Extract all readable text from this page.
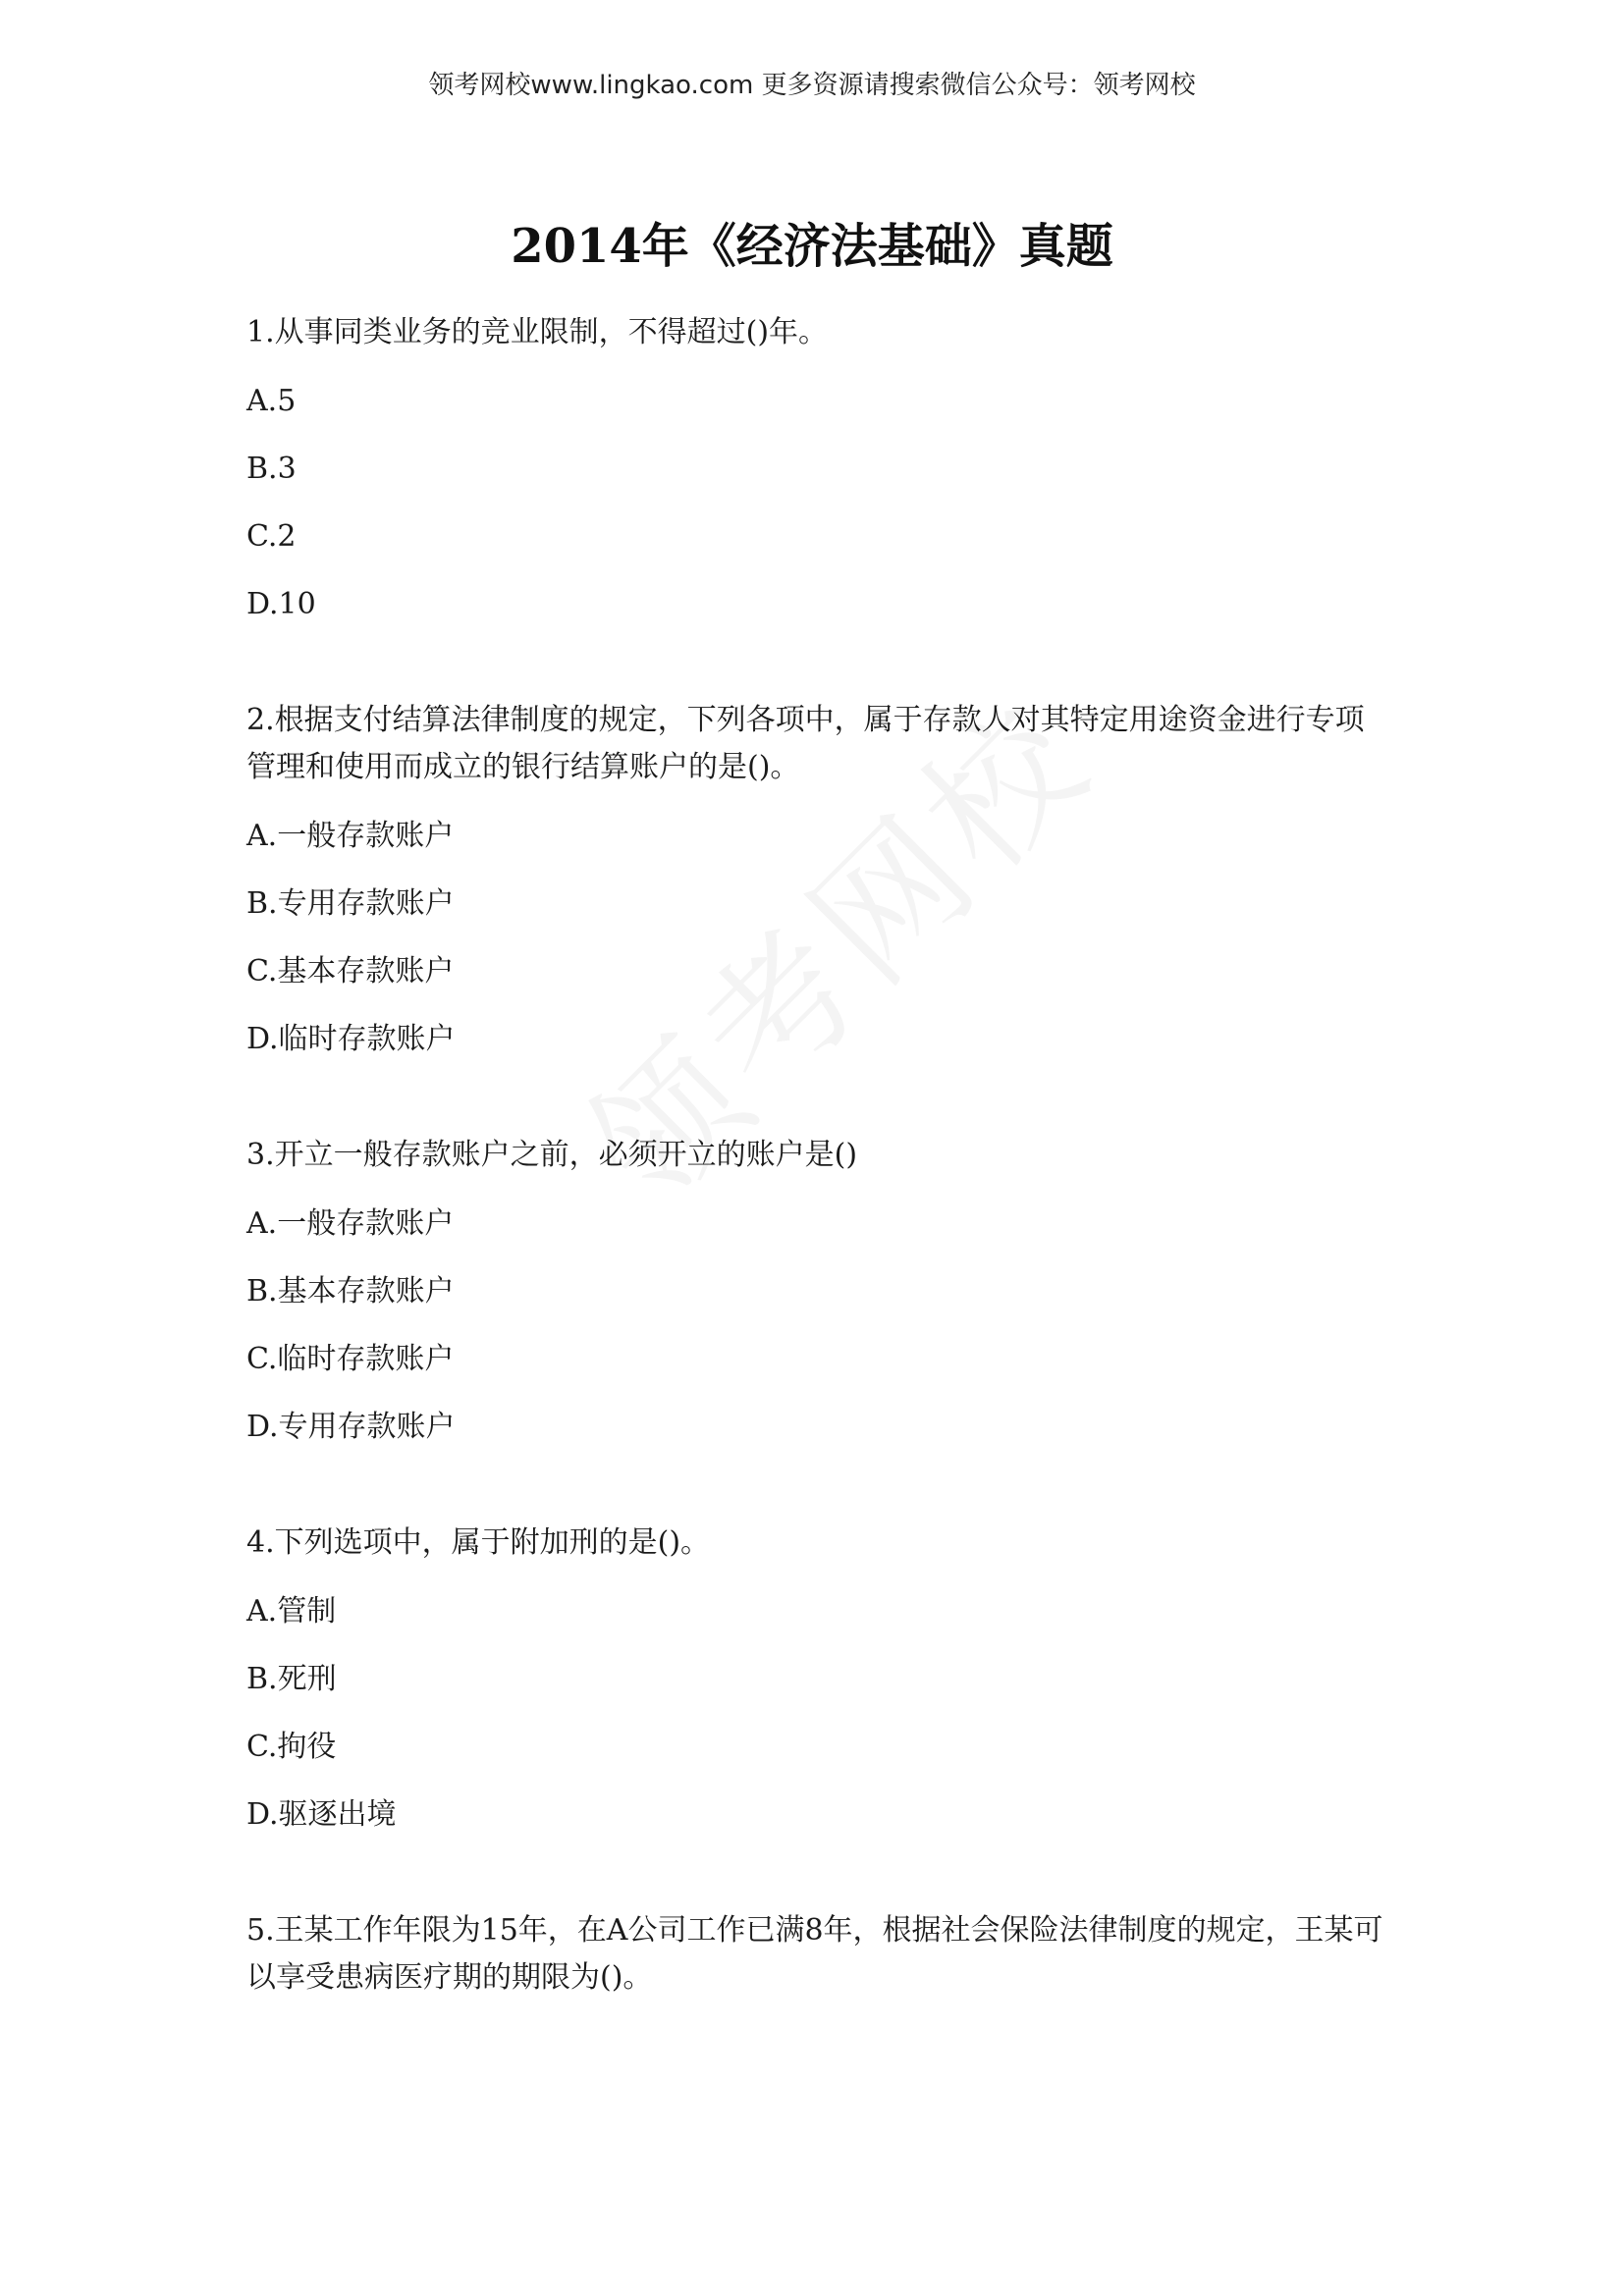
领考网校www.lingkao.com 更多资源请搜索微信公众号：领考网校
2014年《经济法基础》真题

1.从事同类业务的竞业限制，不得超过()年。

A.5
B.3
C.2
D.10

2.根据支付结算法律制度的规定，下列各项中，属于存款人对其特定用途资金进行专项管理和使用而成立的银行结算账户的是()。

A.一般存款账户
B.专用存款账户
C.基本存款账户
D.临时存款账户

3.开立一般存款账户之前，必须开立的账户是()

A.一般存款账户
B.基本存款账户
C.临时存款账户
D.专用存款账户

4.下列选项中，属于附加刑的是()。

A.管制
B.死刑
C.拘役
D.驱逐出境

5.王某工作年限为15年，在A公司工作已满8年，根据社会保险法律制度的规定，王某可以享受患病医疗期的期限为()。
